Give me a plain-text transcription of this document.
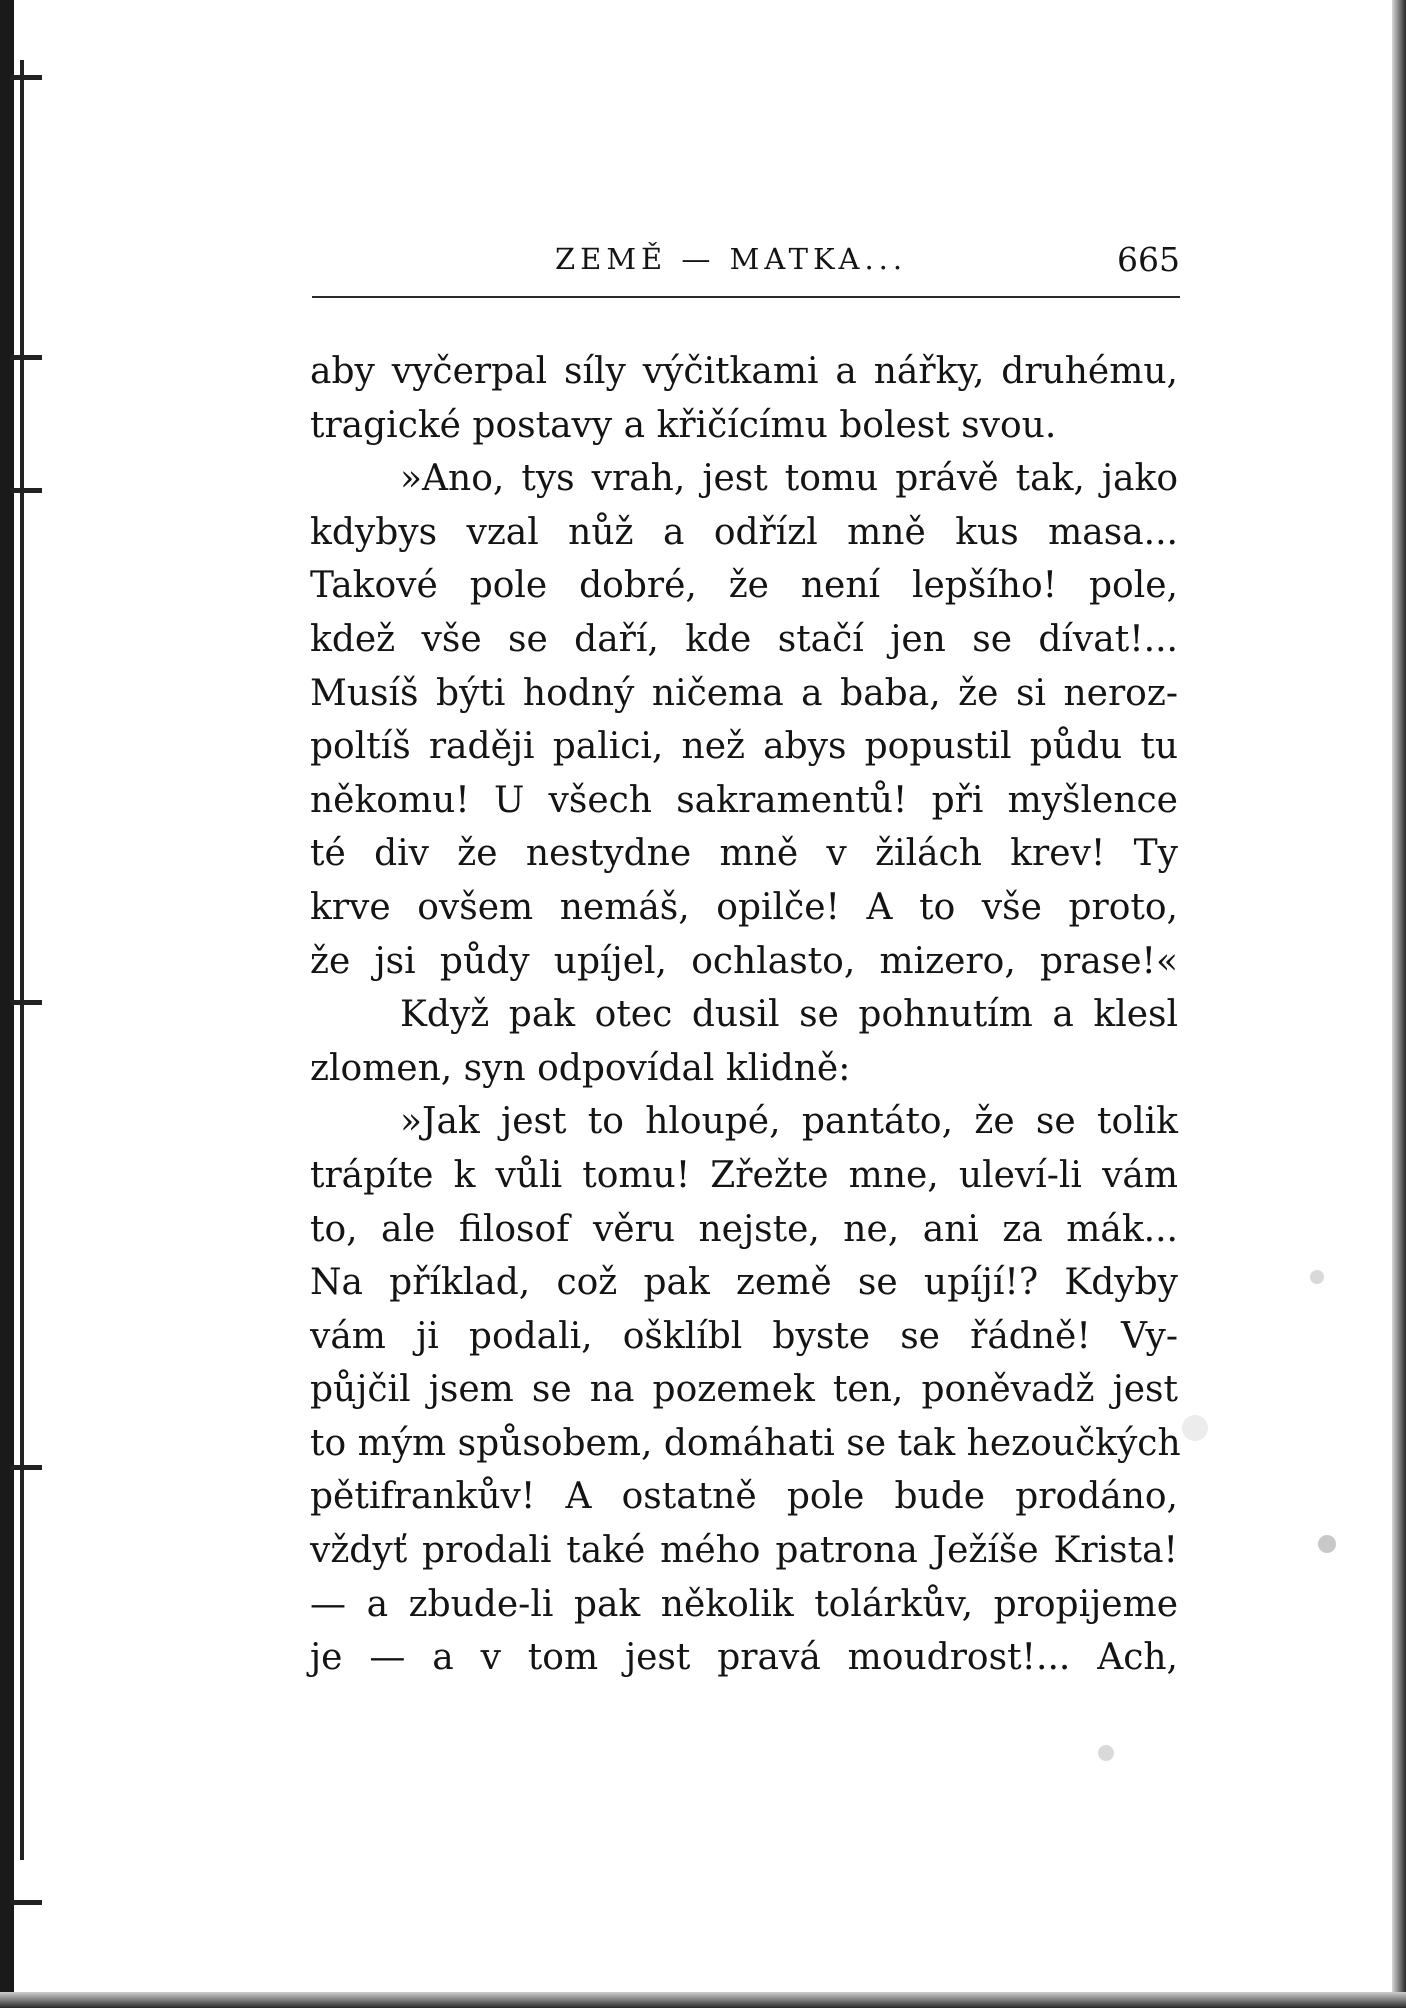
ZEMĚ — MATKA...	665
aby vyčerpal síly výčitkami a nářky, druhému,
tragické postavy a křičícímu bolest svou.
»Ano, tys vrah, jest tomu právě tak, jako
kdybys vzal nůž a odřízl mně kus masa...
Takové pole dobré, že není lepšího! pole,
kdež vše se daří, kde stačí jen se dívat!...
Musíš býti hodný ničema a baba, že si neroz-
poltíš raději palici, než abys popustil půdu tu
někomu! U všech sakramentů! při myšlence
té div že nestydne mně v žilách krev! Ty
krve ovšem nemáš, opilče! A to vše proto,
že jsi půdy upíjel, ochlasto, mizero, prase!«
Když pak otec dusil se pohnutím a klesl
zlomen, syn odpovídal klidně:
»Jak jest to hloupé, pantáto, že se tolik
trápíte k vůli tomu! Zřežte mne, uleví-li vám
to, ale filosof věru nejste, ne, ani za mák...
Na příklad, což pak země se upíjí!? Kdyby
vám ji podali, ošklíbl byste se řádně! Vy-
půjčil jsem se na pozemek ten, poněvadž jest
to mým spůsobem, domáhati se tak hezoučkých
pětifrankův! A ostatně pole bude prodáno,
vždyť prodali také mého patrona Ježíše Krista!
— a zbude-li pak několik tolárkův, propijeme
je — a v tom jest pravá moudrost!... Ach,
